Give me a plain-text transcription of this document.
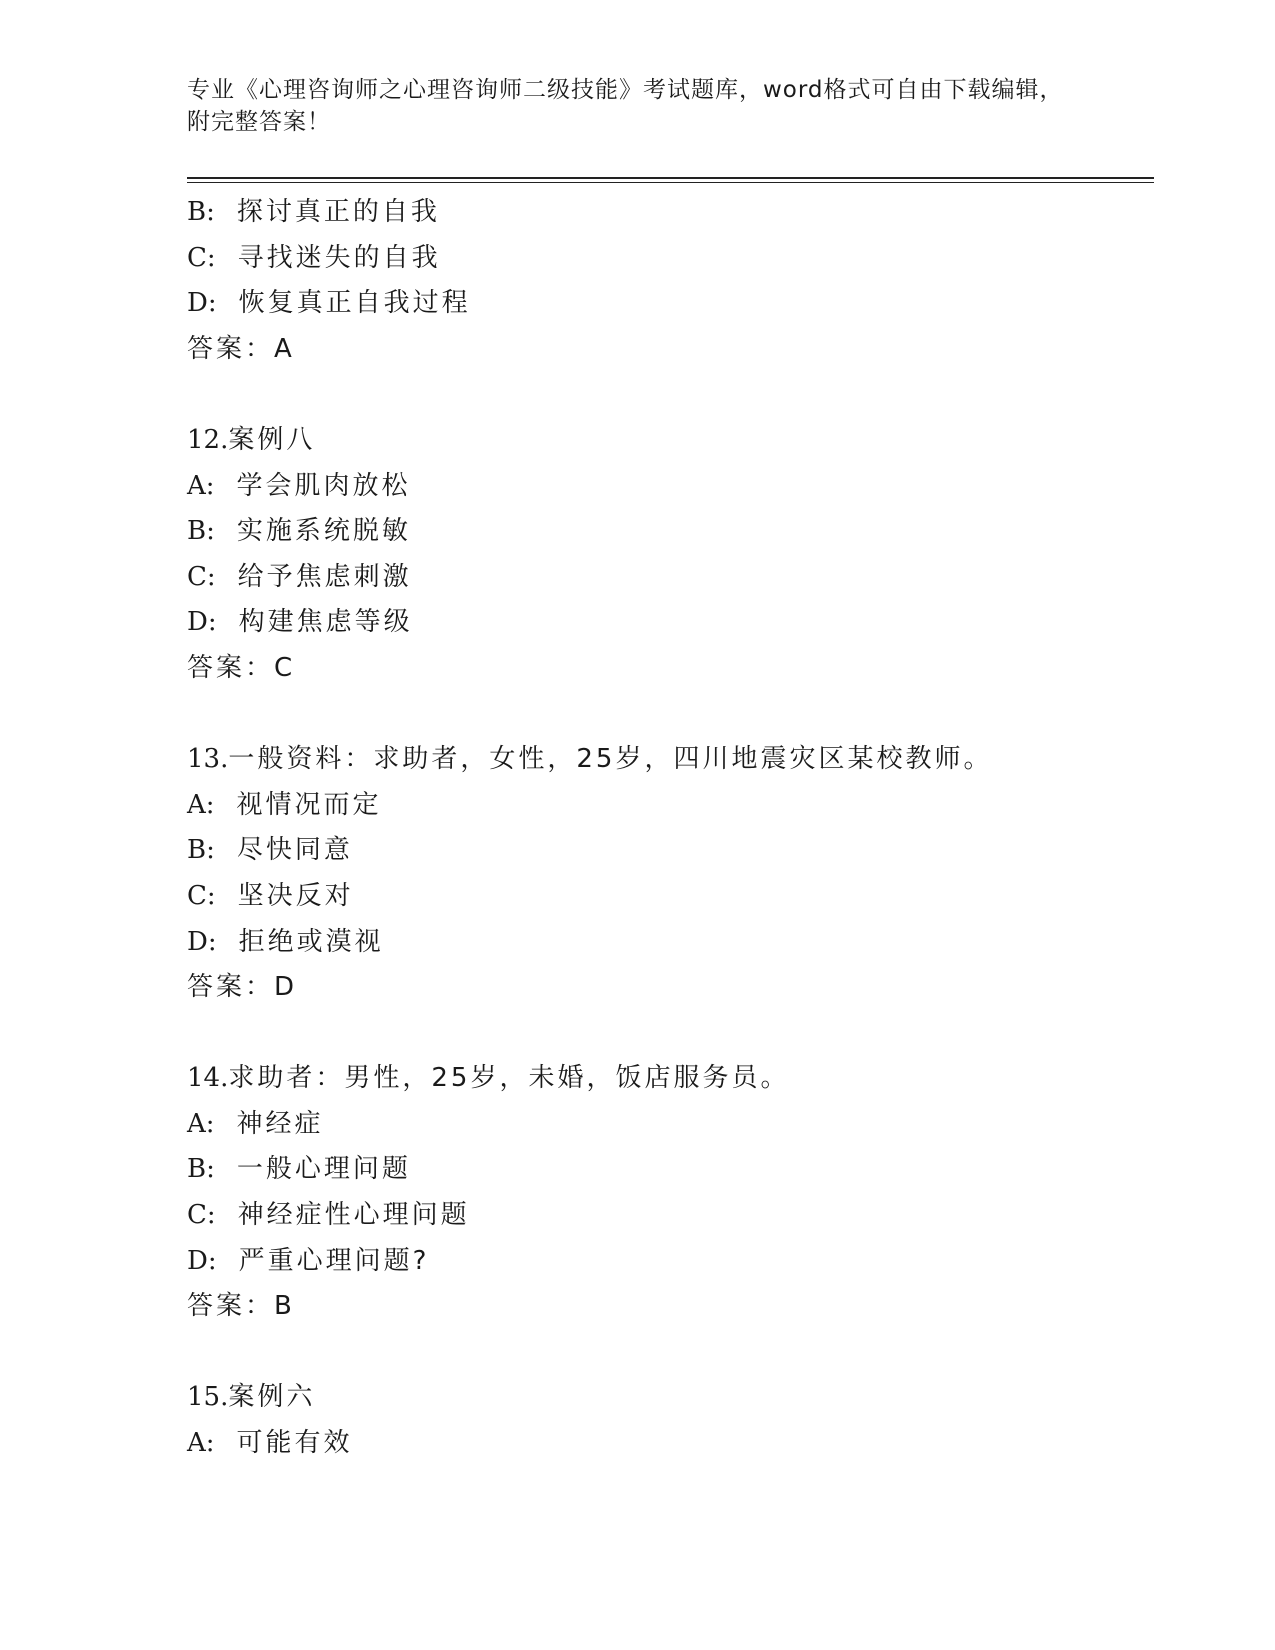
专业《心理咨询师之心理咨询师二级技能》考试题库，word格式可自由下载编辑，附完整答案！
B: 探讨真正的自我
C: 寻找迷失的自我
D: 恢复真正自我过程
答案：A
12.案例八
A: 学会肌肉放松
B: 实施系统脱敏
C: 给予焦虑刺激
D: 构建焦虑等级
答案：C
13.一般资料：求助者，女性，25岁，四川地震灾区某校教师。
A: 视情况而定
B: 尽快同意
C: 坚决反对
D: 拒绝或漠视
答案：D
14.求助者：男性，25岁，未婚，饭店服务员。
A: 神经症
B: 一般心理问题
C: 神经症性心理问题
D: 严重心理问题?
答案：B
15.案例六
A: 可能有效
